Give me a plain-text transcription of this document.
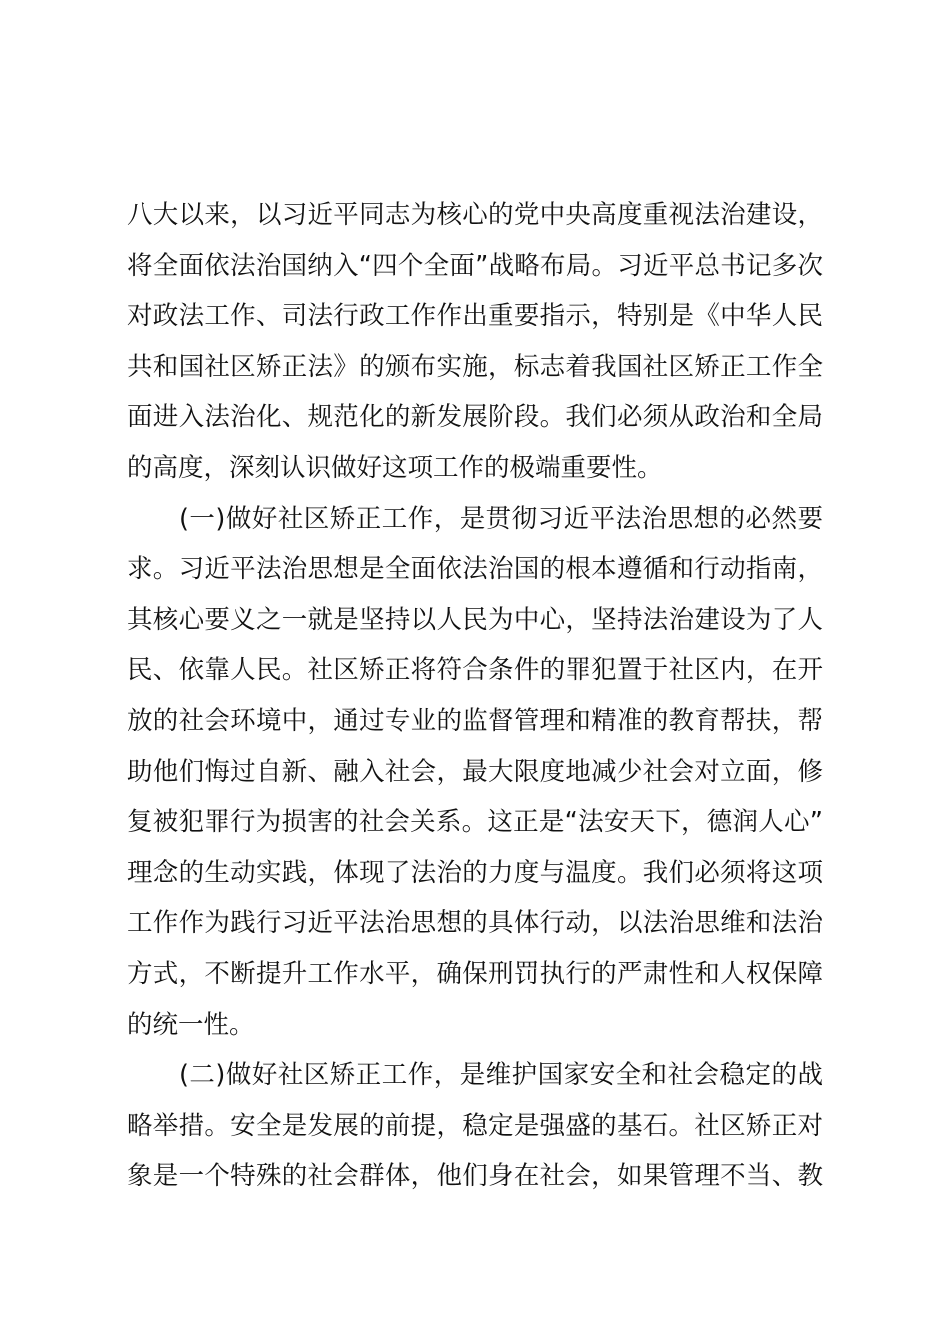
八大以来，以习近平同志为核心的党中央高度重视法治建设，
将全面依法治国纳入“四个全面”战略布局。习近平总书记多次
对政法工作、司法行政工作作出重要指示，特别是《中华人民
共和国社区矫正法》的颁布实施，标志着我国社区矫正工作全
面进入法治化、规范化的新发展阶段。我们必须从政治和全局
的高度，深刻认识做好这项工作的极端重要性。
(一)做好社区矫正工作，是贯彻习近平法治思想的必然要
求。习近平法治思想是全面依法治国的根本遵循和行动指南，
其核心要义之一就是坚持以人民为中心，坚持法治建设为了人
民、依靠人民。社区矫正将符合条件的罪犯置于社区内，在开
放的社会环境中，通过专业的监督管理和精准的教育帮扶，帮
助他们悔过自新、融入社会，最大限度地减少社会对立面，修
复被犯罪行为损害的社会关系。这正是“法安天下，德润人心”
理念的生动实践，体现了法治的力度与温度。我们必须将这项
工作作为践行习近平法治思想的具体行动，以法治思维和法治
方式，不断提升工作水平，确保刑罚执行的严肃性和人权保障
的统一性。
(二)做好社区矫正工作，是维护国家安全和社会稳定的战
略举措。安全是发展的前提，稳定是强盛的基石。社区矫正对
象是一个特殊的社会群体，他们身在社会，如果管理不当、教
